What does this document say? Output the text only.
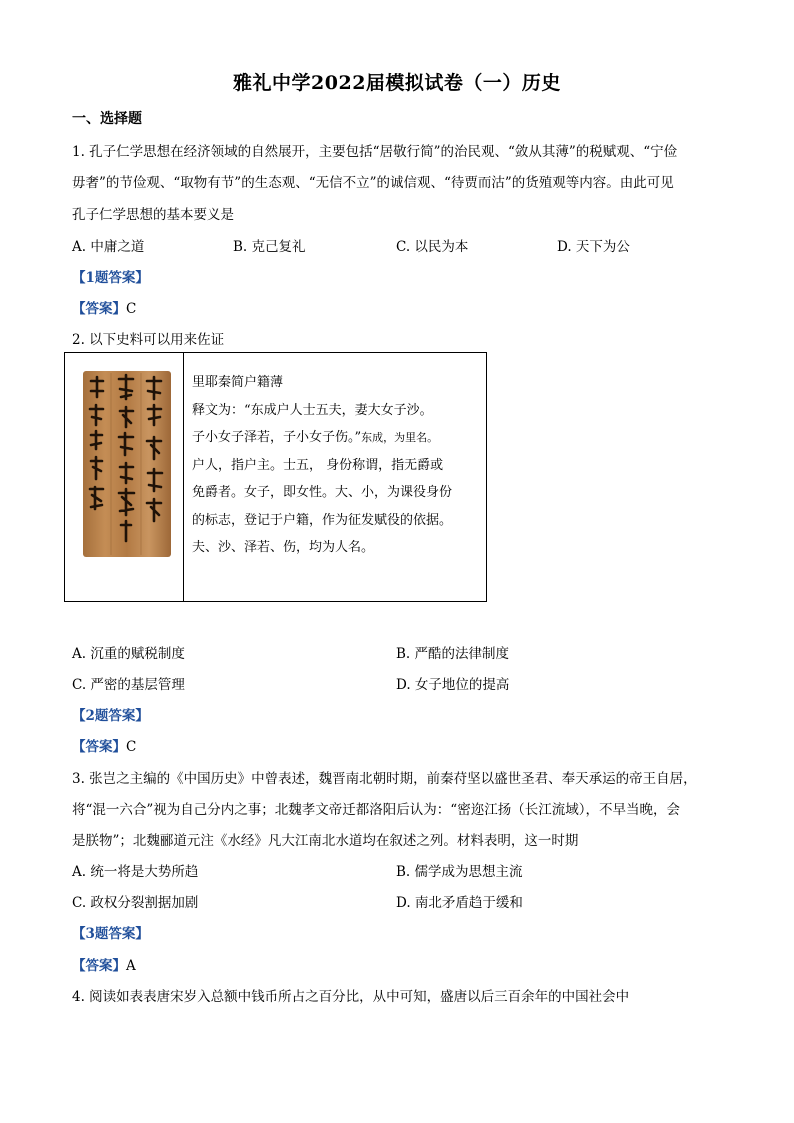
雅礼中学2022届模拟试卷（一）历史
一、选择题
1. 孔子仁学思想在经济领域的自然展开，主要包括“居敬行简”的治民观、“敛从其薄”的税赋观、“宁俭
毋奢”的节俭观、“取物有节”的生态观、“无信不立”的诚信观、“待贾而沽”的货殖观等内容。由此可见
孔子仁学思想的基本要义是
A. 中庸之道	B. 克己复礼	C. 以民为本	D. 天下为公
【1题答案】
【答案】C
2. 以下史料可以用来佐证
里耶秦简户籍薄
释文为：“东成户人士五夫，妻大女子沙。
子小女子泽若，子小女子伤。”东成，为里名。
户人，指户主。士五， 身份称谓，指无爵或
免爵者。女子，即女性。大、小，为课役身份
的标志，登记于户籍，作为征发赋役的依据。
夫、沙、泽若、伤，均为人名。
A. 沉重的赋税制度	B. 严酷的法律制度
C. 严密的基层管理	D. 女子地位的提高
【2题答案】
【答案】C
3. 张岂之主编的《中国历史》中曾表述，魏晋南北朝时期，前秦苻坚以盛世圣君、奉天承运的帝王自居，
将“混一六合”视为自己分内之事；北魏孝文帝迁都洛阳后认为：“密迩江扬（长江流域），不早当晚，会
是朕物”；北魏郦道元注《水经》凡大江南北水道均在叙述之列。材料表明，这一时期
A. 统一将是大势所趋	B. 儒学成为思想主流
C. 政权分裂割据加剧	D. 南北矛盾趋于缓和
【3题答案】
【答案】A
4. 阅读如表表唐宋岁入总额中钱币所占之百分比，从中可知，盛唐以后三百余年的中国社会中
